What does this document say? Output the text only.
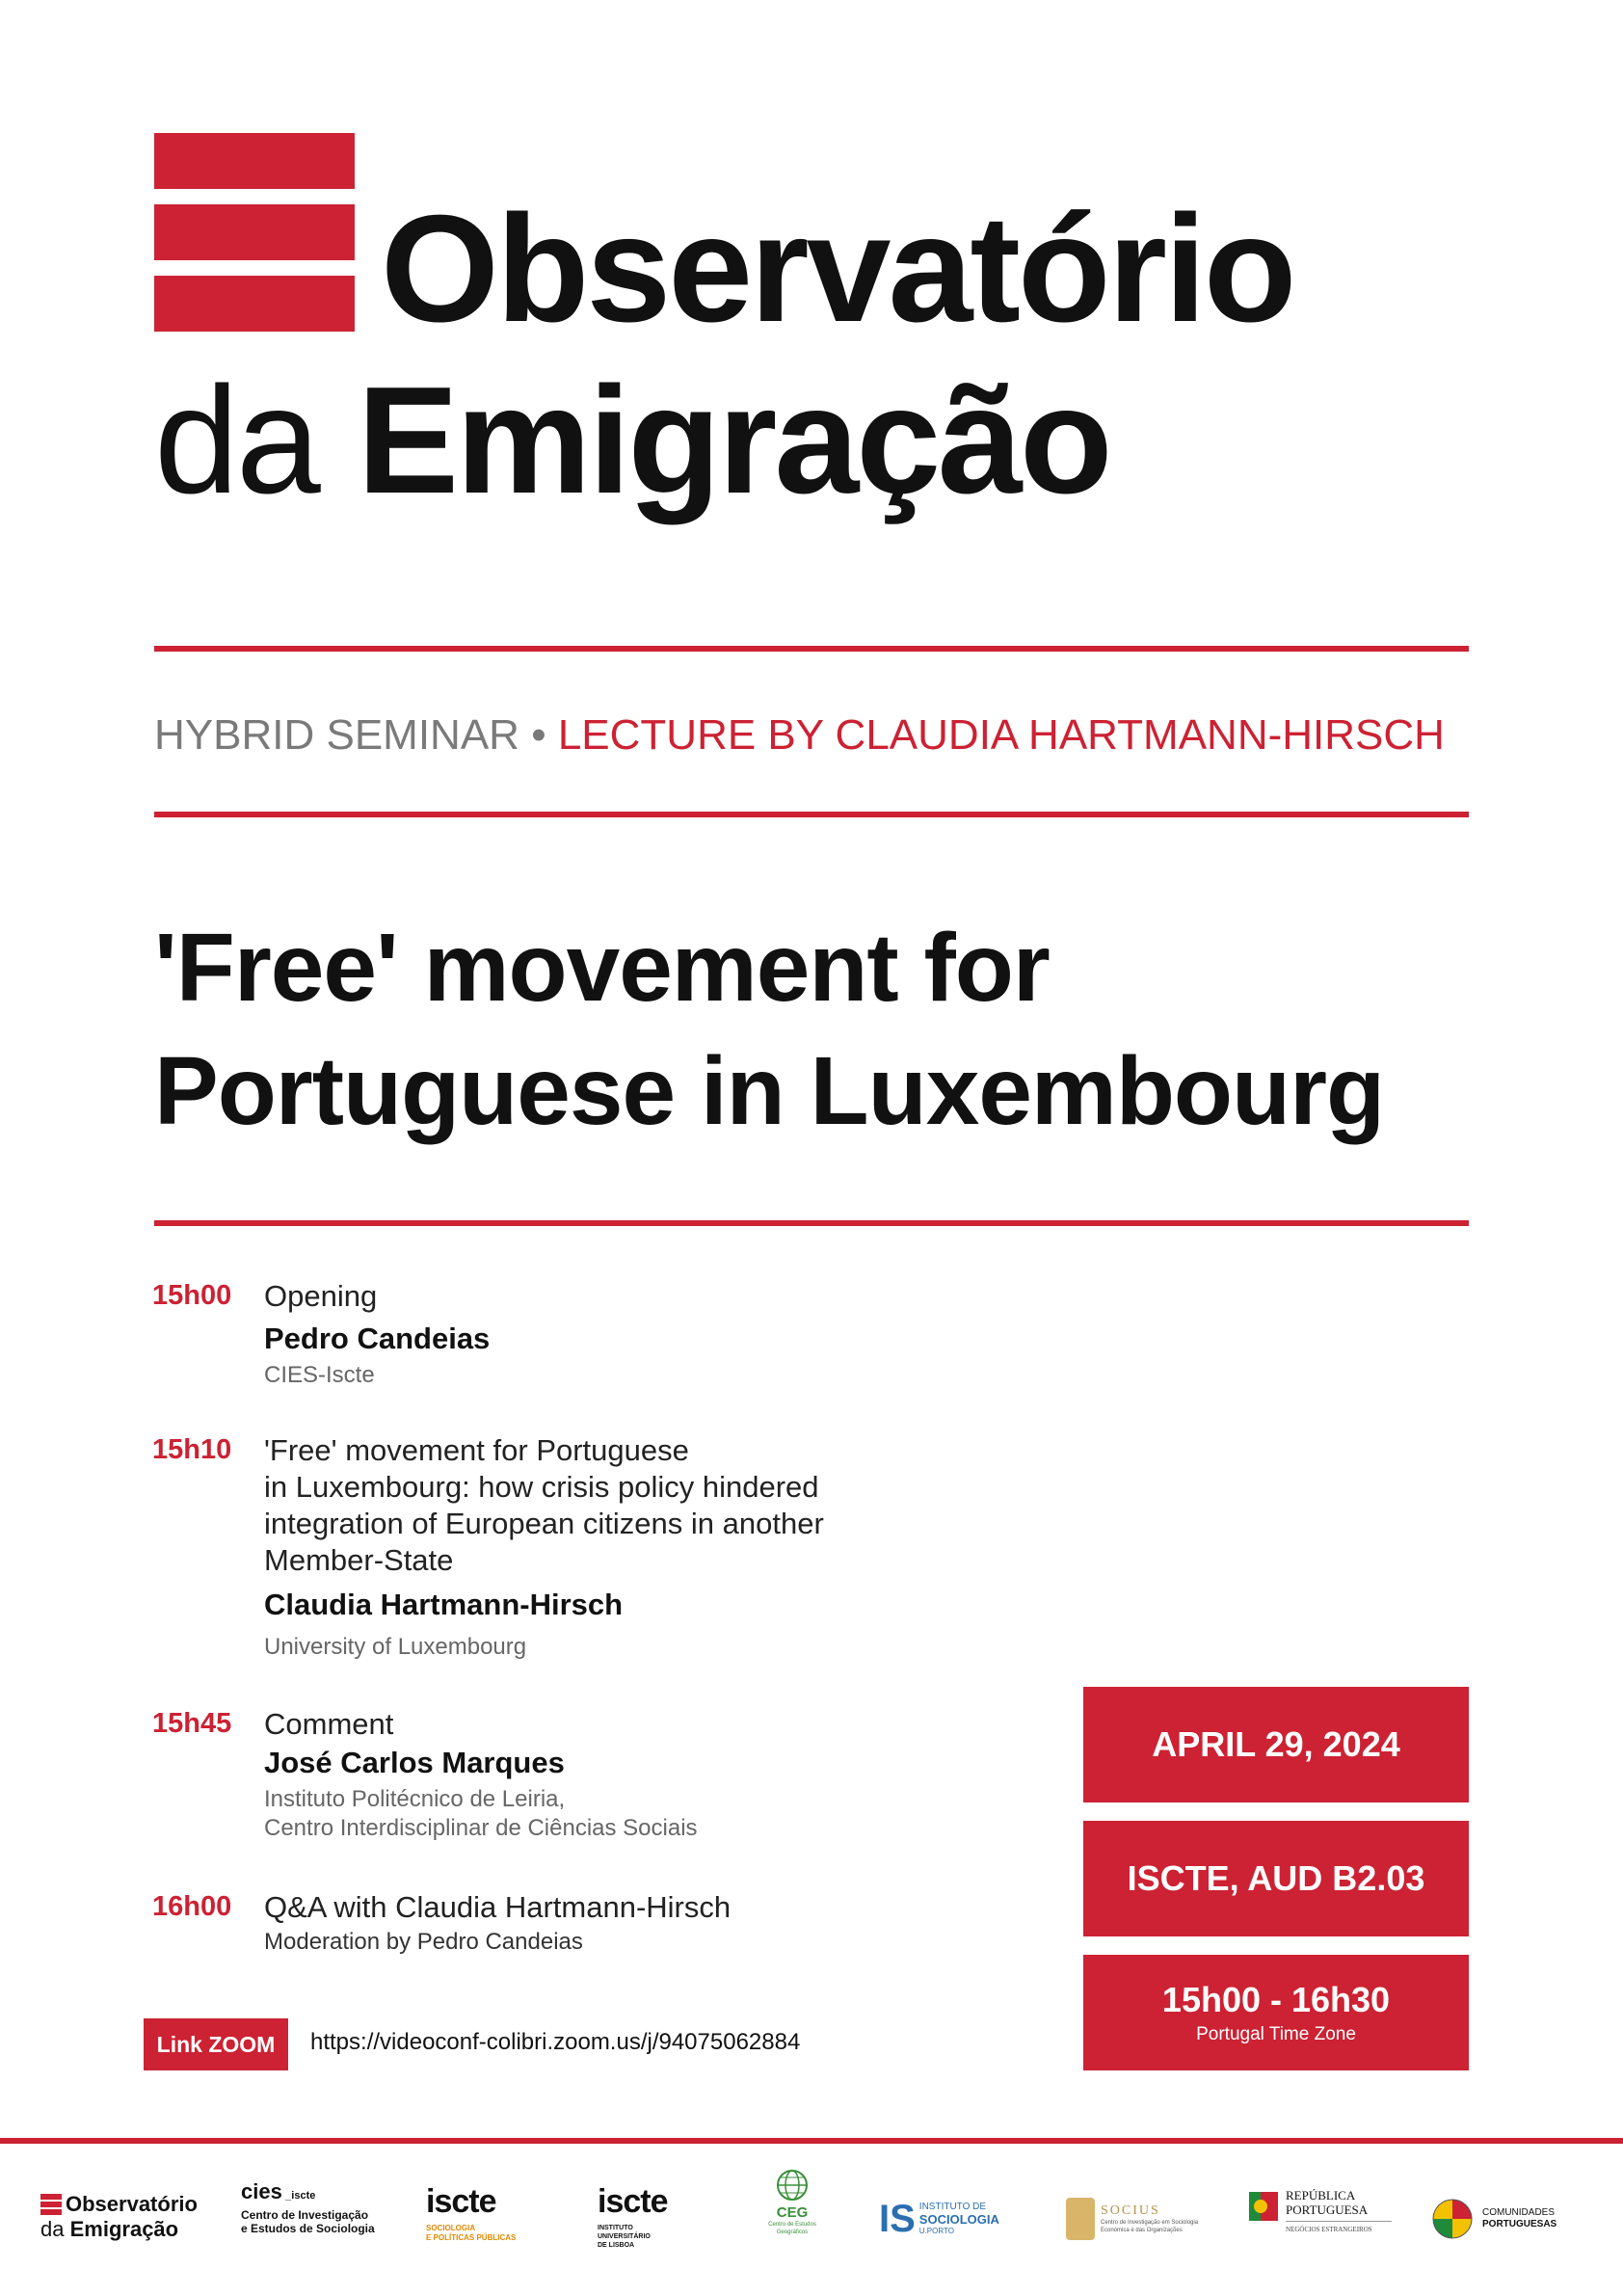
Observatório
da Emigração
HYBRID SEMINAR • LECTURE BY CLAUDIA HARTMANN-HIRSCH
'Free' movement for
Portuguese in Luxembourg
15h00 Opening
Pedro Candeias
CIES-Iscte
15h10 'Free' movement for Portuguese
in Luxembourg: how crisis policy hindered
integration of European citizens in another
Member-State
Claudia Hartmann-Hirsch
University of Luxembourg
15h45 Comment
José Carlos Marques
Instituto Politécnico de Leiria,
Centro Interdisciplinar de Ciências Sociais
16h00 Q&A with Claudia Hartmann-Hirsch
Moderation by Pedro Candeias
APRIL 29, 2024
ISCTE, AUD B2.03
15h00 - 16h30
Portugal Time Zone
Link ZOOM	https://videoconf-colibri.zoom.us/j/94075062884
Observatório
da Emigração
cies _iscte
Centro de Investigação
e Estudos de Sociologia
iscte
SOCIOLOGIA
E POLÍTICAS PÚBLICAS
iscte
INSTITUTO
UNIVERSITÁRIO
DE LISBOA
CEG
Centro de Estudos
Geográficos IS INSTITUTO DE
SOCIOLOGIA
U.PORTO
SOCIUS
Centro de Investigação em Sociologia
Económica e das Organizações
REPÚBLICA
PORTUGUESA
NEGÓCIOS ESTRANGEIROS
COMUNIDADES
PORTUGUESAS
